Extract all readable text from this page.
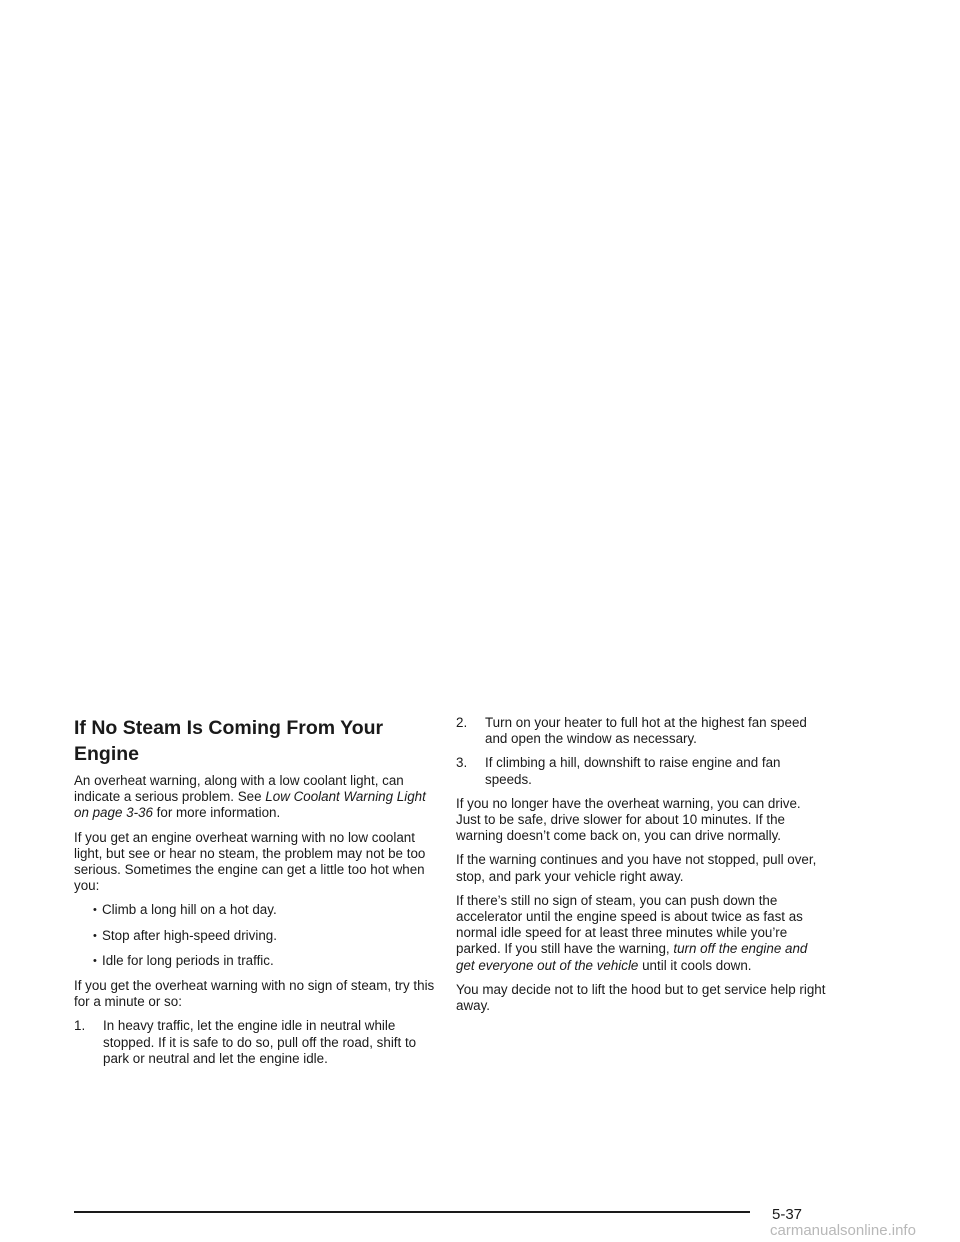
If No Steam Is Coming From Your Engine

An overheat warning, along with a low coolant light, can indicate a serious problem. See Low Coolant Warning Light on page 3-36 for more information.

If you get an engine overheat warning with no low coolant light, but see or hear no steam, the problem may not be too serious. Sometimes the engine can get a little too hot when you:

• Climb a long hill on a hot day.
• Stop after high-speed driving.
• Idle for long periods in traffic.

If you get the overheat warning with no sign of steam, try this for a minute or so:

1. In heavy traffic, let the engine idle in neutral while stopped. If it is safe to do so, pull off the road, shift to park or neutral and let the engine idle.
2. Turn on your heater to full hot at the highest fan speed and open the window as necessary.
3. If climbing a hill, downshift to raise engine and fan speeds.

If you no longer have the overheat warning, you can drive. Just to be safe, drive slower for about 10 minutes. If the warning doesn’t come back on, you can drive normally.

If the warning continues and you have not stopped, pull over, stop, and park your vehicle right away.

If there’s still no sign of steam, you can push down the accelerator until the engine speed is about twice as fast as normal idle speed for at least three minutes while you’re parked. If you still have the warning, turn off the engine and get everyone out of the vehicle until it cools down.

You may decide not to lift the hood but to get service help right away.

5-37
carmanualsonline.info
